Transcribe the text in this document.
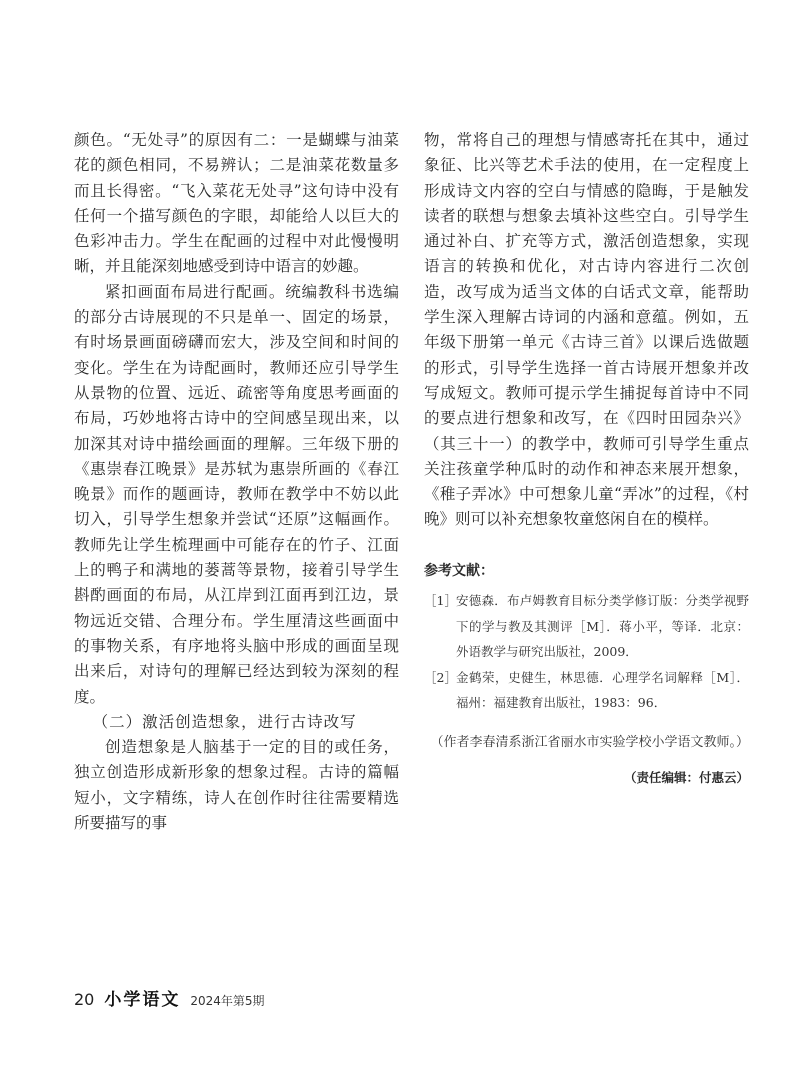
颜色。“无处寻”的原因有二：一是蝴蝶与油菜花的颜色相同，不易辨认；二是油菜花数量多而且长得密。“飞入菜花无处寻”这句诗中没有任何一个描写颜色的字眼，却能给人以巨大的色彩冲击力。学生在配画的过程中对此慢慢明晰，并且能深刻地感受到诗中语言的妙趣。

紧扣画面布局进行配画。统编教科书选编的部分古诗展现的不只是单一、固定的场景，有时场景画面磅礴而宏大，涉及空间和时间的变化。学生在为诗配画时，教师还应引导学生从景物的位置、远近、疏密等角度思考画面的布局，巧妙地将古诗中的空间感呈现出来，以加深其对诗中描绘画面的理解。三年级下册的《惠崇春江晚景》是苏轼为惠崇所画的《春江晚景》而作的题画诗，教师在教学中不妨以此切入，引导学生想象并尝试“还原”这幅画作。教师先让学生梳理画中可能存在的竹子、江面上的鸭子和满地的蒌蒿等景物，接着引导学生斟酌画面的布局，从江岸到江面再到江边，景物远近交错、合理分布。学生厘清这些画面中的事物关系，有序地将头脑中形成的画面呈现出来后，对诗句的理解已经达到较为深刻的程度。

（二）激活创造想象，进行古诗改写

创造想象是人脑基于一定的目的或任务，独立创造形成新形象的想象过程。古诗的篇幅短小，文字精练，诗人在创作时往往需要精选所要描写的事

物，常将自己的理想与情感寄托在其中，通过象征、比兴等艺术手法的使用，在一定程度上形成诗文内容的空白与情感的隐晦，于是触发读者的联想与想象去填补这些空白。引导学生通过补白、扩充等方式，激活创造想象，实现语言的转换和优化，对古诗内容进行二次创造，改写成为适当文体的白话式文章，能帮助学生深入理解古诗词的内涵和意蕴。例如，五年级下册第一单元《古诗三首》以课后选做题的形式，引导学生选择一首古诗展开想象并改写成短文。教师可提示学生捕捉每首诗中不同的要点进行想象和改写，在《四时田园杂兴》（其三十一）的教学中，教师可引导学生重点关注孩童学种瓜时的动作和神态来展开想象，《稚子弄冰》中可想象儿童“弄冰”的过程，《村晚》则可以补充想象牧童悠闲自在的模样。

参考文献：

［1］ 安德森．布卢姆教育目标分类学修订版：分类学视野下的学与教及其测评［M］．蒋小平，等译．北京：外语教学与研究出版社，2009．
［2］ 金鹤荣，史健生，林思德．心理学名词解释［M］．福州：福建教育出版社，1983：96．

（作者李春清系浙江省丽水市实验学校小学语文教师。）

（责任编辑：付惠云）

20 小学语文 2024年第5期
